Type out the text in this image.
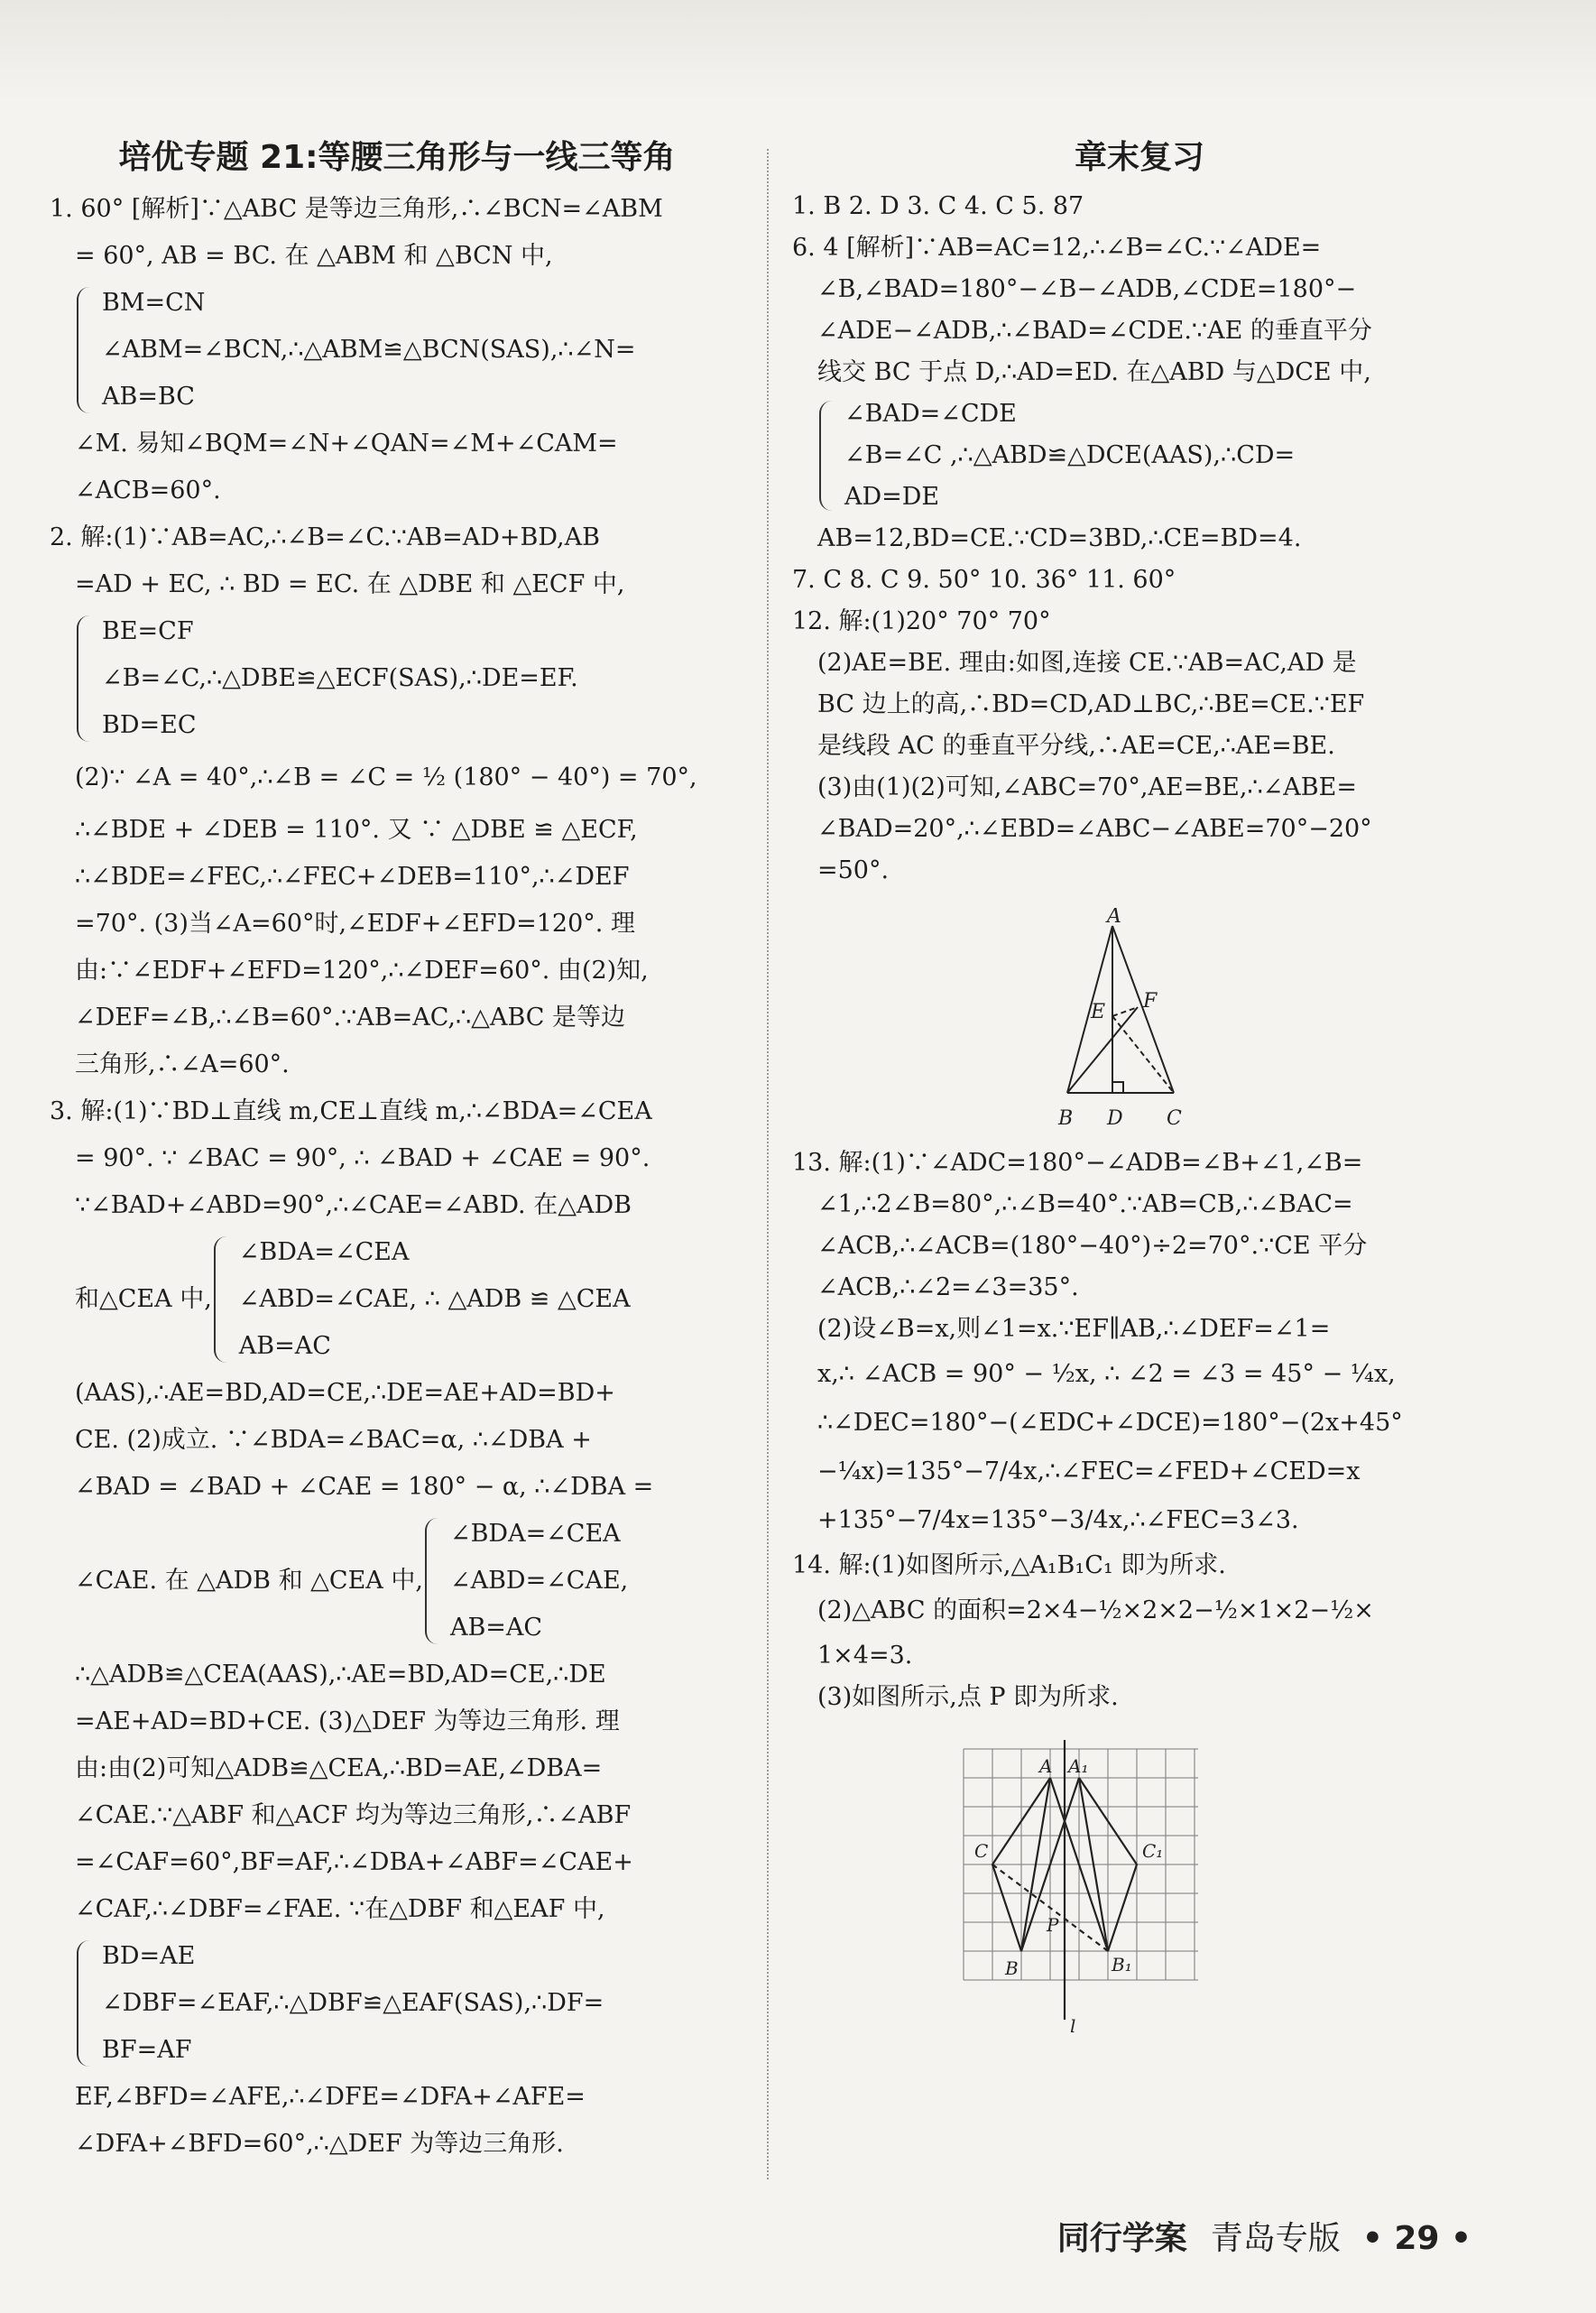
培优专题 21:等腰三角形与一线三等角

1. 60° [解析]∵△ABC 是等边三角形,∴∠BCN=∠ABM

= 60°, AB = BC. 在 △ABM 和 △BCN 中,

BM=CN
∠ABM=∠BCN,∴△ABM≌△BCN(SAS),∴∠N=
AB=BC

∠M. 易知∠BQM=∠N+∠QAN=∠M+∠CAM=

∠ACB=60°.

2. 解:(1)∵AB=AC,∴∠B=∠C.∵AB=AD+BD,AB

=AD + EC, ∴ BD = EC. 在 △DBE 和 △ECF 中,

BE=CF
∠B=∠C,∴△DBE≌△ECF(SAS),∴DE=EF.
BD=EC

(2)∵ ∠A = 40°,∴∠B = ∠C = ½ (180° − 40°) = 70°,

∴∠BDE + ∠DEB = 110°. 又 ∵ △DBE ≌ △ECF,

∴∠BDE=∠FEC,∴∠FEC+∠DEB=110°,∴∠DEF

=70°. (3)当∠A=60°时,∠EDF+∠EFD=120°. 理

由:∵∠EDF+∠EFD=120°,∴∠DEF=60°. 由(2)知,

∠DEF=∠B,∴∠B=60°.∵AB=AC,∴△ABC 是等边

三角形,∴∠A=60°.

3. 解:(1)∵BD⊥直线 m,CE⊥直线 m,∴∠BDA=∠CEA

= 90°. ∵ ∠BAC = 90°, ∴ ∠BAD + ∠CAE = 90°.

∵∠BAD+∠ABD=90°,∴∠CAE=∠ABD. 在△ADB

和△CEA 中,
∠BDA=∠CEA
∠ABD=∠CAE, ∴ △ADB ≌ △CEA
AB=AC

(AAS),∴AE=BD,AD=CE,∴DE=AE+AD=BD+

CE. (2)成立. ∵∠BDA=∠BAC=α, ∴∠DBA +

∠BAD = ∠BAD + ∠CAE = 180° − α, ∴∠DBA =

∠CAE. 在 △ADB 和 △CEA 中,
∠BDA=∠CEA
∠ABD=∠CAE,
AB=AC

∴△ADB≌△CEA(AAS),∴AE=BD,AD=CE,∴DE

=AE+AD=BD+CE. (3)△DEF 为等边三角形. 理

由:由(2)可知△ADB≌△CEA,∴BD=AE,∠DBA=

∠CAE.∵△ABF 和△ACF 均为等边三角形,∴∠ABF

=∠CAF=60°,BF=AF,∴∠DBA+∠ABF=∠CAE+

∠CAF,∴∠DBF=∠FAE. ∵在△DBF 和△EAF 中,

BD=AE
∠DBF=∠EAF,∴△DBF≌△EAF(SAS),∴DF=
BF=AF

EF,∠BFD=∠AFE,∴∠DFE=∠DFA+∠AFE=

∠DFA+∠BFD=60°,∴△DEF 为等边三角形.

章末复习

1. B 2. D 3. C 4. C 5. 87

6. 4 [解析]∵AB=AC=12,∴∠B=∠C.∵∠ADE=

∠B,∠BAD=180°−∠B−∠ADB,∠CDE=180°−

∠ADE−∠ADB,∴∠BAD=∠CDE.∵AE 的垂直平分

线交 BC 于点 D,∴AD=ED. 在△ABD 与△DCE 中,

∠BAD=∠CDE
∠B=∠C ,∴△ABD≌△DCE(AAS),∴CD=
AD=DE

AB=12,BD=CE.∵CD=3BD,∴CE=BD=4.

7. C 8. C 9. 50° 10. 36° 11. 60°

12. 解:(1)20° 70° 70°

(2)AE=BE. 理由:如图,连接 CE.∵AB=AC,AD 是

BC 边上的高,∴BD=CD,AD⊥BC,∴BE=CE.∵EF

是线段 AC 的垂直平分线,∴AE=CE,∴AE=BE.

(3)由(1)(2)可知,∠ABC=70°,AE=BE,∴∠ABE=

∠BAD=20°,∴∠EBD=∠ABC−∠ABE=70°−20°

=50°.

A
B D C
E F

13. 解:(1)∵∠ADC=180°−∠ADB=∠B+∠1,∠B=

∠1,∴2∠B=80°,∴∠B=40°.∵AB=CB,∴∠BAC=

∠ACB,∴∠ACB=(180°−40°)÷2=70°.∵CE 平分

∠ACB,∴∠2=∠3=35°.

(2)设∠B=x,则∠1=x.∵EF∥AB,∴∠DEF=∠1=

x,∴ ∠ACB = 90° − ½x, ∴ ∠2 = ∠3 = 45° − ¼x,

∴∠DEC=180°−(∠EDC+∠DCE)=180°−(2x+45°

−¼x)=135°−7/4x,∴∠FEC=∠FED+∠CED=x

+135°−7/4x=135°−3/4x,∴∠FEC=3∠3.

14. 解:(1)如图所示,△A₁B₁C₁ 即为所求.

(2)△ABC 的面积=2×4−½×2×2−½×1×2−½×

1×4=3.

(3)如图所示,点 P 即为所求.

A A₁
C	C₁
P
B	B₁
l
同行学案 青岛专版 • 29 •
